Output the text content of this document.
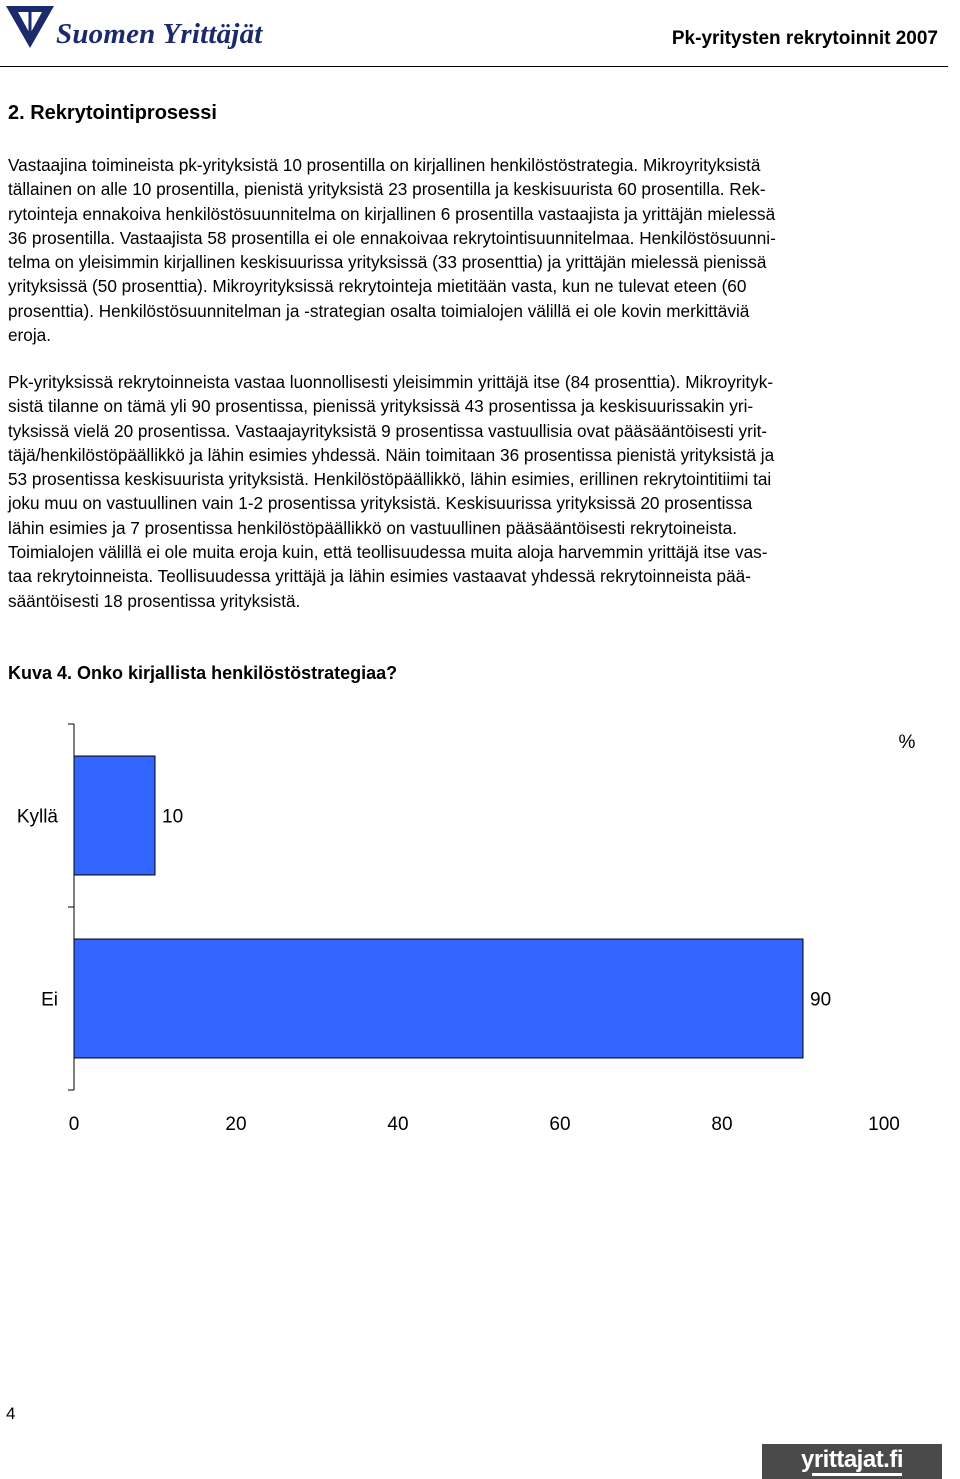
Suomen Yrittäjät	Pk-yritysten rekrytoinnit 2007
2. Rekrytointiprosessi
Vastaajina toimineista pk-yrityksistä 10 prosentilla on kirjallinen henkilöstöstrategia. Mikroyrityksistä
tällainen on alle 10 prosentilla, pienistä yrityksistä 23 prosentilla ja keskisuurista 60 prosentilla. Rek-
rytointeja ennakoiva henkilöstösuunnitelma on kirjallinen 6 prosentilla vastaajista ja yrittäjän mielessä
36 prosentilla. Vastaajista 58 prosentilla ei ole ennakoivaa rekrytointisuunnitelmaa. Henkilöstösuunni-
telma on yleisimmin kirjallinen keskisuurissa yrityksissä (33 prosenttia) ja yrittäjän mielessä pienissä
yrityksissä (50 prosenttia). Mikroyrityksissä rekrytointeja mietitään vasta, kun ne tulevat eteen (60
prosenttia). Henkilöstösuunnitelman ja -strategian osalta toimialojen välillä ei ole kovin merkittäviä
eroja.
Pk-yrityksissä rekrytoinneista vastaa luonnollisesti yleisimmin yrittäjä itse (84 prosenttia). Mikroyrityk-
sistä tilanne on tämä yli 90 prosentissa, pienissä yrityksissä 43 prosentissa ja keskisuurissakin yri-
tyksissä vielä 20 prosentissa. Vastaajayrityksistä 9 prosentissa vastuullisia ovat pääsääntöisesti yrit-
täjä/henkilöstöpäällikkö ja lähin esimies yhdessä. Näin toimitaan 36 prosentissa pienistä yrityksistä ja
53 prosentissa keskisuurista yrityksistä. Henkilöstöpäällikkö, lähin esimies, erillinen rekrytointitiimi tai
joku muu on vastuullinen vain 1-2 prosentissa yrityksistä. Keskisuurissa yrityksissä 20 prosentissa
lähin esimies ja 7 prosentissa henkilöstöpäällikkö on vastuullinen pääsääntöisesti rekrytoineista.
Toimialojen välillä ei ole muita eroja kuin, että teollisuudessa muita aloja harvemmin yrittäjä itse vas-
taa rekrytoinneista. Teollisuudessa yrittäjä ja lähin esimies vastaavat yhdessä rekrytoinneista pää-
sääntöisesti 18 prosentissa yrityksistä.
Kuva 4. Onko kirjallista henkilöstöstrategiaa?
Kyllä	10
Ei	90
0	20	40	60	80	100
%
4
yrittajat.fi
